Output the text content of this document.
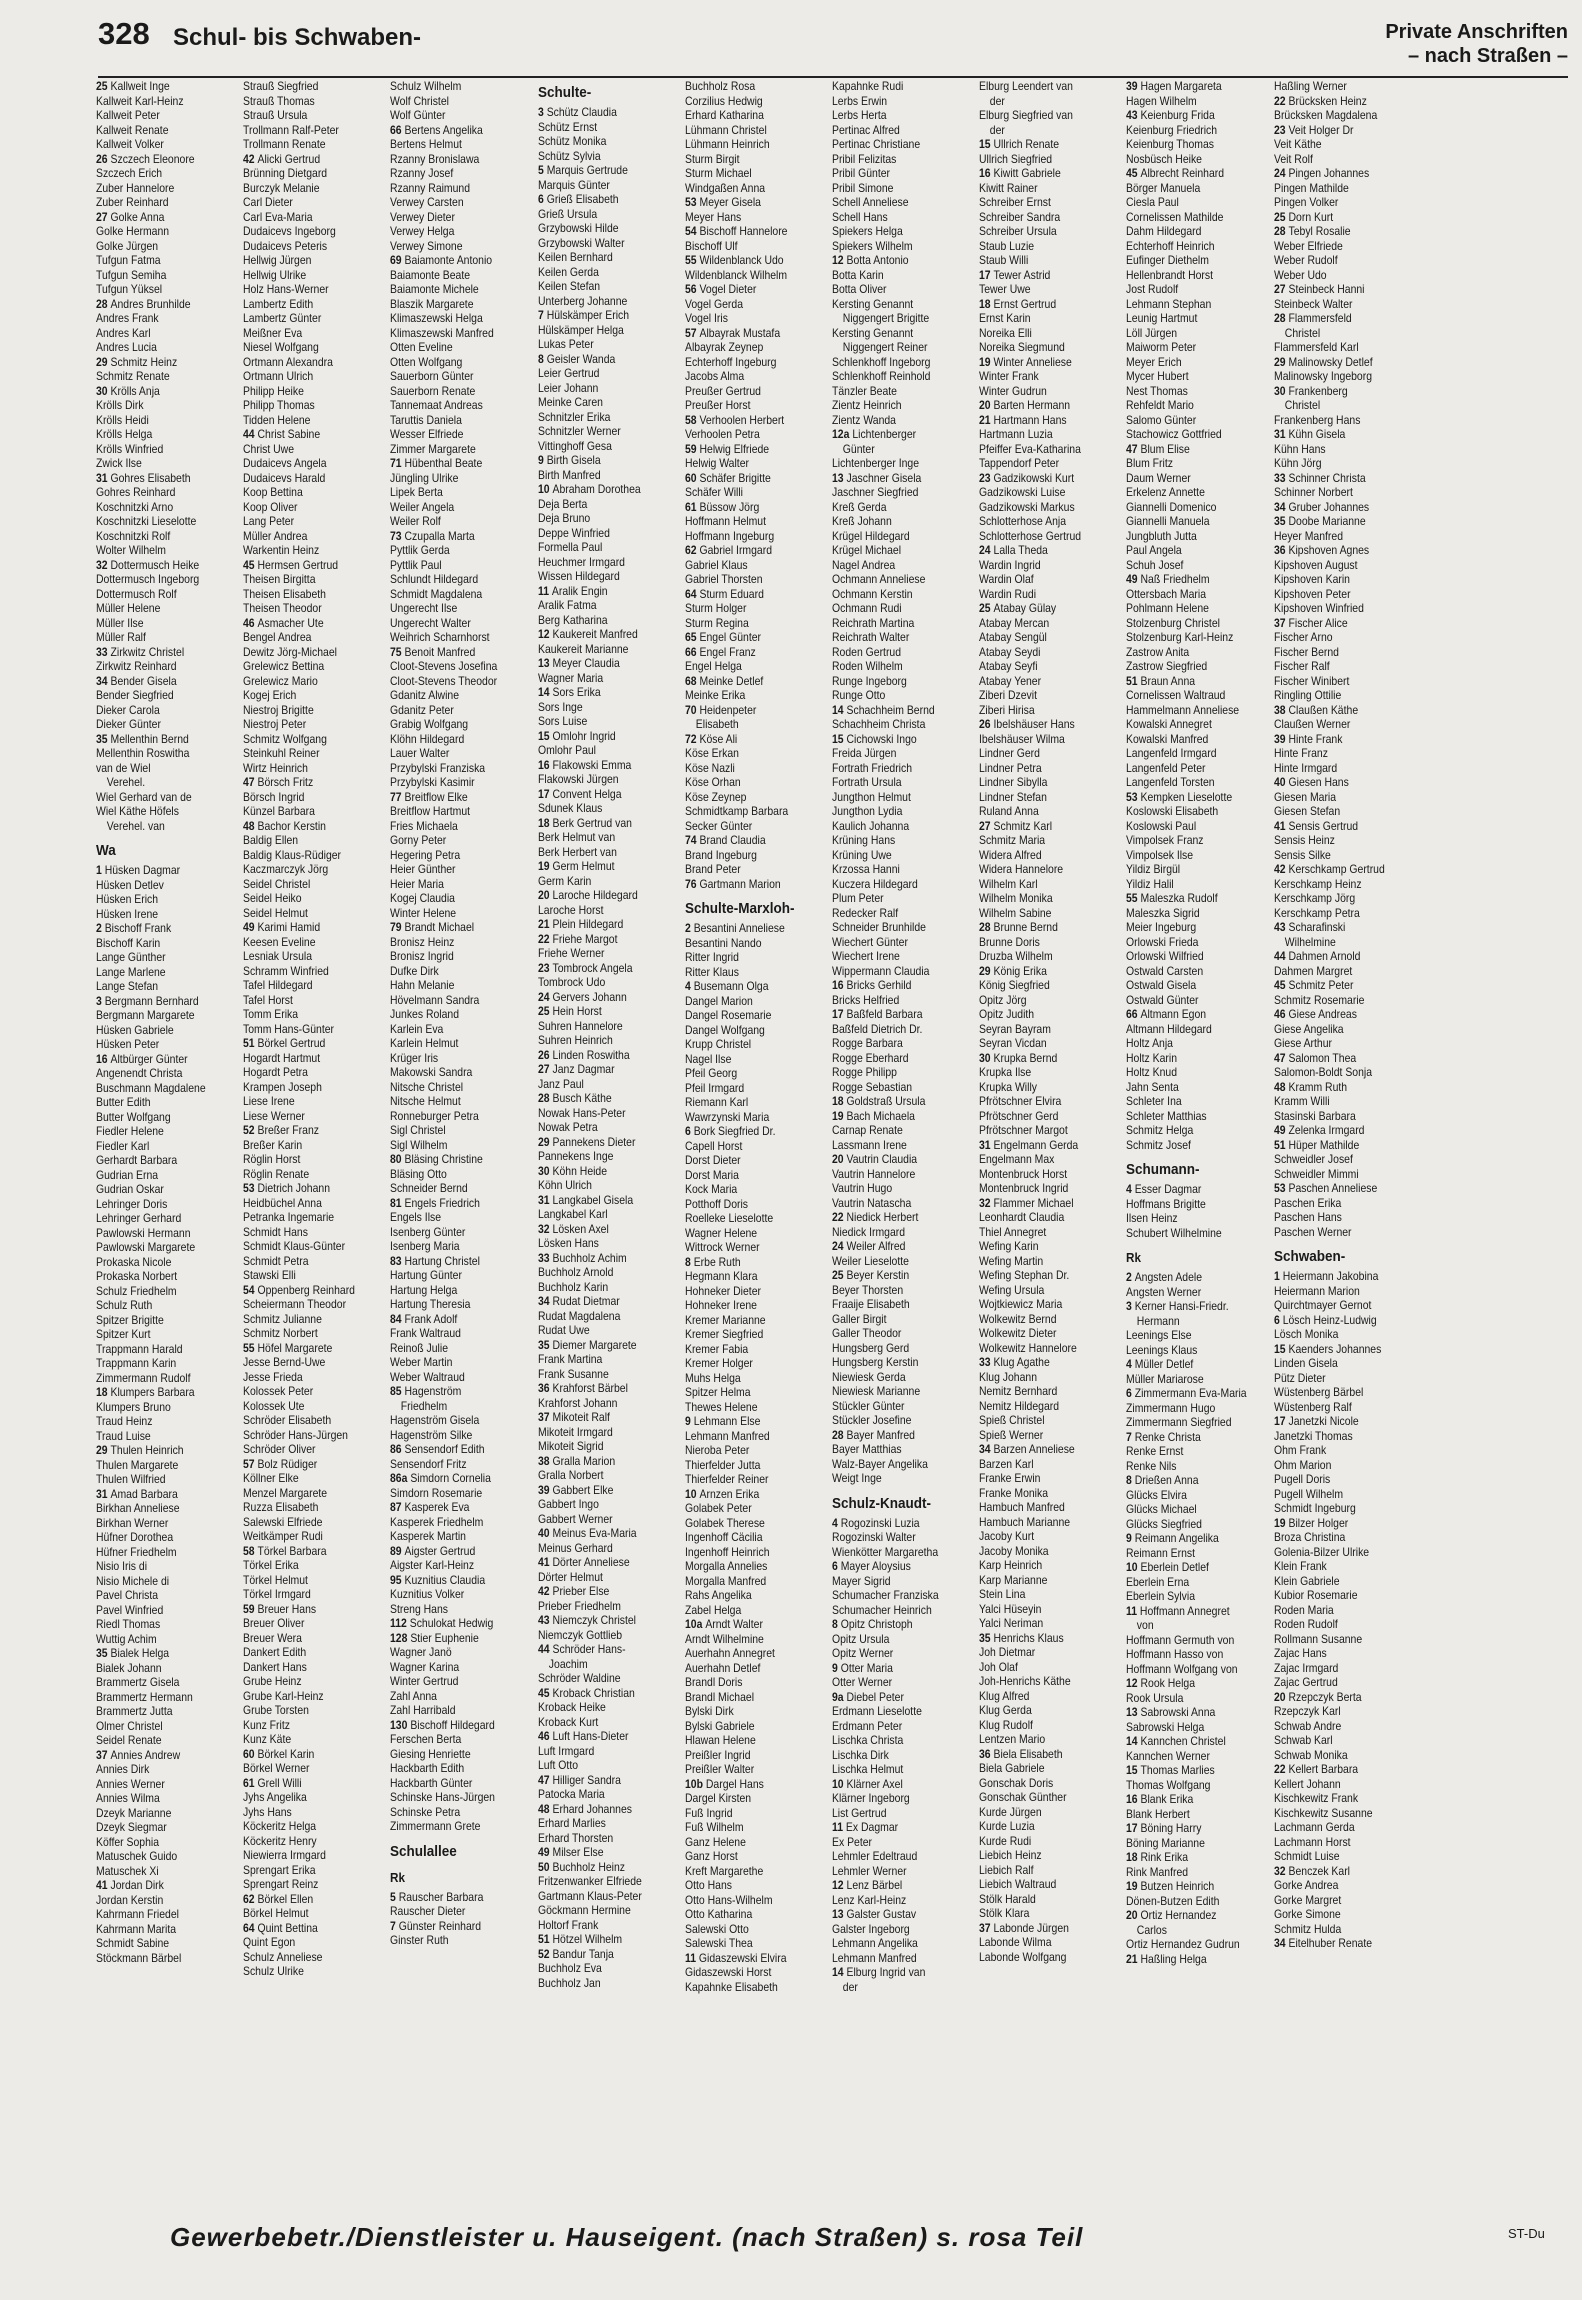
328 Schul- bis Schwaben-	Private Anschriften
– nach Straßen –
25 Kallweit Inge
Kallweit Karl-Heinz
Kallweit Peter
Kallweit Renate
Kallweit Volker
26 Szczech Eleonore
Szczech Erich
Zuber Hannelore
Zuber Reinhard
27 Golke Anna
Golke Hermann
Golke Jürgen
Tufgun Fatma
Tufgun Semiha
Tufgun Yüksel
28 Andres Brunhilde
Andres Frank
Andres Karl
Andres Lucia
29 Schmitz Heinz
Schmitz Renate
30 Krölls Anja
Krölls Dirk
Krölls Heidi
Krölls Helga
Krölls Winfried
Zwick Ilse
31 Gohres Elisabeth
Gohres Reinhard
Koschnitzki Arno
Koschnitzki Lieselotte
Koschnitzki Rolf
Wolter Wilhelm
32 Dottermusch Heike
Dottermusch Ingeborg
Dottermusch Rolf
Müller Helene
Müller Ilse
Müller Ralf
33 Zirkwitz Christel
Zirkwitz Reinhard
34 Bender Gisela
Bender Siegfried
Dieker Carola
Dieker Günter
35 Mellenthin Bernd
Mellenthin Roswitha
van de Wiel
Verehel.
Wiel Gerhard van de
Wiel Käthe Höfels
Verehel. van
Wa
1 Hüsken Dagmar
Hüsken Detlev
Hüsken Erich
Hüsken Irene
2 Bischoff Frank
Bischoff Karin
Lange Günther
Lange Marlene
Lange Stefan
3 Bergmann Bernhard
Bergmann Margarete
Hüsken Gabriele
Hüsken Peter
16 Altbürger Günter
Angenendt Christa
Buschmann Magdalene
Butter Edith
Butter Wolfgang
Fiedler Helene
Fiedler Karl
Gerhardt Barbara
Gudrian Erna
Gudrian Oskar
Lehringer Doris
Lehringer Gerhard
Pawlowski Hermann
Pawlowski Margarete
Prokaska Nicole
Prokaska Norbert
Schulz Friedhelm
Schulz Ruth
Spitzer Brigitte
Spitzer Kurt
Trappmann Harald
Trappmann Karin
Zimmermann Rudolf
18 Klumpers Barbara
Klumpers Bruno
Traud Heinz
Traud Luise
29 Thulen Heinrich
Thulen Margarete
Thulen Wilfried
31 Amad Barbara
Birkhan Anneliese
Birkhan Werner
Hüfner Dorothea
Hüfner Friedhelm
Nisio Iris di
Nisio Michele di
Pavel Christa
Pavel Winfried
Riedl Thomas
Wuttig Achim
35 Bialek Helga
Bialek Johann
Brammertz Gisela
Brammertz Hermann
Brammertz Jutta
Olmer Christel
Seidel Renate
37 Annies Andrew
Annies Dirk
Annies Werner
Annies Wilma
Dzeyk Marianne
Dzeyk Siegmar
Köffer Sophia
Matuschek Guido
Matuschek Xi
41 Jordan Dirk
Jordan Kerstin
Kahrmann Friedel
Kahrmann Marita
Schmidt Sabine
Stöckmann Bärbel
Strauß Siegfried
Strauß Thomas
Strauß Ursula
Trollmann Ralf-Peter
Trollmann Renate
42 Alicki Gertrud
Brünning Dietgard
Burczyk Melanie
Carl Dieter
Carl Eva-Maria
Dudaicevs Ingeborg
Dudaicevs Peteris
Hellwig Jürgen
Hellwig Ulrike
Holz Hans-Werner
Lambertz Edith
Lambertz Günter
Meißner Eva
Niesel Wolfgang
Ortmann Alexandra
Ortmann Ulrich
Philipp Heike
Philipp Thomas
Tidden Helene
44 Christ Sabine
Christ Uwe
Dudaicevs Angela
Dudaicevs Harald
Koop Bettina
Koop Oliver
Lang Peter
Müller Andrea
Warkentin Heinz
45 Hermsen Gertrud
Theisen Birgitta
Theisen Elisabeth
Theisen Theodor
46 Asmacher Ute
Bengel Andrea
Dewitz Jörg-Michael
Grelewicz Bettina
Grelewicz Mario
Kogej Erich
Niestroj Brigitte
Niestroj Peter
Schmitz Wolfgang
Steinkuhl Reiner
Wirtz Heinrich
47 Börsch Fritz
Börsch Ingrid
Künzel Barbara
48 Bachor Kerstin
Baldig Ellen
Baldig Klaus-Rüdiger
Kaczmarczyk Jörg
Seidel Christel
Seidel Heiko
Seidel Helmut
49 Karimi Hamid
Keesen Eveline
Lesniak Ursula
Schramm Winfried
Tafel Hildegard
Tafel Horst
Tomm Erika
Tomm Hans-Günter
51 Börkel Gertrud
Hogardt Hartmut
Hogardt Petra
Krampen Joseph
Liese Irene
Liese Werner
52 Breßer Franz
Breßer Karin
Röglin Horst
Röglin Renate
53 Dietrich Johann
Heidbüchel Anna
Petranka Ingemarie
Schmidt Hans
Schmidt Klaus-Günter
Schmidt Petra
Stawski Elli
54 Oppenberg Reinhard
Scheiermann Theodor
Schmitz Julianne
Schmitz Norbert
55 Höfel Margarete
Jesse Bernd-Uwe
Jesse Frieda
Kolossek Peter
Kolossek Ute
Schröder Elisabeth
Schröder Hans-Jürgen
Schröder Oliver
57 Bolz Rüdiger
Köllner Elke
Menzel Margarete
Ruzza Elisabeth
Salewski Elfriede
Weitkämper Rudi
58 Törkel Barbara
Törkel Erika
Törkel Helmut
Törkel Irmgard
59 Breuer Hans
Breuer Oliver
Breuer Wera
Dankert Edith
Dankert Hans
Grube Heinz
Grube Karl-Heinz
Grube Torsten
Kunz Fritz
Kunz Käte
60 Börkel Karin
Börkel Werner
61 Grell Willi
Jyhs Angelika
Jyhs Hans
Köckeritz Helga
Köckeritz Henry
Niewierra Irmgard
Sprengart Erika
Sprengart Reinz
62 Börkel Ellen
Börkel Helmut
64 Quint Bettina
Quint Egon
Schulz Anneliese
Schulz Ulrike
Schulz Wilhelm
Wolf Christel
Wolf Günter
66 Bertens Angelika
Bertens Helmut
Rzanny Bronislawa
Rzanny Josef
Rzanny Raimund
Verwey Carsten
Verwey Dieter
Verwey Helga
Verwey Simone
69 Baiamonte Antonio
Baiamonte Beate
Baiamonte Michele
Blaszik Margarete
Klimaszewski Helga
Klimaszewski Manfred
Otten Eveline
Otten Wolfgang
Sauerborn Günter
Sauerborn Renate
Tannemaat Andreas
Taruttis Daniela
Wesser Elfriede
Zimmer Margarete
71 Hübenthal Beate
Jüngling Ulrike
Lipek Berta
Weiler Angela
Weiler Rolf
73 Czupalla Marta
Pyttlik Gerda
Pyttlik Paul
Schlundt Hildegard
Schmidt Magdalena
Ungerecht Ilse
Ungerecht Walter
Weihrich Scharnhorst
75 Benoit Manfred
Cloot-Stevens Josefina
Cloot-Stevens Theodor
Gdanitz Alwine
Gdanitz Peter
Grabig Wolfgang
Klöhn Hildegard
Lauer Walter
Przybylski Franziska
Przybylski Kasimir
77 Breitflow Elke
Breitflow Hartmut
Fries Michaela
Gorny Peter
Hegering Petra
Heier Günther
Heier Maria
Kogej Claudia
Winter Helene
79 Brandt Michael
Bronisz Heinz
Bronisz Ingrid
Dufke Dirk
Hahn Melanie
Hövelmann Sandra
Junkes Roland
Karlein Eva
Karlein Helmut
Krüger Iris
Makowski Sandra
Nitsche Christel
Nitsche Helmut
Ronneburger Petra
Sigl Christel
Sigl Wilhelm
80 Bläsing Christine
Bläsing Otto
Schneider Bernd
81 Engels Friedrich
Engels Ilse
Isenberg Günter
Isenberg Maria
83 Hartung Christel
Hartung Günter
Hartung Helga
Hartung Theresia
84 Frank Adolf
Frank Waltraud
Reinoß Julie
Weber Martin
Weber Waltraud
85 Hagenström
Friedhelm
Hagenström Gisela
Hagenström Silke
86 Sensendorf Edith
Sensendorf Fritz
86a Simdorn Cornelia
Simdorn Rosemarie
87 Kasperek Eva
Kasperek Friedhelm
Kasperek Martin
89 Aigster Gertrud
Aigster Karl-Heinz
95 Kuznitius Claudia
Kuznitius Volker
Streng Hans
112 Schulokat Hedwig
128 Stier Euphenie
Wagner Janö
Wagner Karina
Winter Gertrud
Zahl Anna
Zahl Harribald
130 Bischoff Hildegard
Ferschen Berta
Giesing Henriette
Hackbarth Edith
Hackbarth Günter
Schinske Hans-Jürgen
Schinske Petra
Zimmermann Grete
Schulallee
Rk
5 Rauscher Barbara
Rauscher Dieter
7 Günster Reinhard
Ginster Ruth
Schulte-
3 Schütz Claudia
Schütz Ernst
Schütz Monika
Schütz Sylvia
5 Marquis Gertrude
Marquis Günter
6 Grieß Elisabeth
Grieß Ursula
Grzybowski Hilde
Grzybowski Walter
Keilen Bernhard
Keilen Gerda
Keilen Stefan
Unterberg Johanne
7 Hülskämper Erich
Hülskämper Helga
Lukas Peter
8 Geisler Wanda
Leier Gertrud
Leier Johann
Meinke Caren
Schnitzler Erika
Schnitzler Werner
Vittinghoff Gesa
9 Birth Gisela
Birth Manfred
10 Abraham Dorothea
Deja Berta
Deja Bruno
Deppe Winfried
Formella Paul
Heuchmer Irmgard
Wissen Hildegard
11 Aralik Engin
Aralik Fatma
Berg Katharina
12 Kaukereit Manfred
Kaukereit Marianne
13 Meyer Claudia
Wagner Maria
14 Sors Erika
Sors Inge
Sors Luise
15 Omlohr Ingrid
Omlohr Paul
16 Flakowski Emma
Flakowski Jürgen
17 Convent Helga
Sdunek Klaus
18 Berk Gertrud van
Berk Helmut van
Berk Herbert van
19 Germ Helmut
Germ Karin
20 Laroche Hildegard
Laroche Horst
21 Plein Hildegard
22 Friehe Margot
Friehe Werner
23 Tombrock Angela
Tombrock Udo
24 Gervers Johann
25 Hein Horst
Suhren Hannelore
Suhren Heinrich
26 Linden Roswitha
27 Janz Dagmar
Janz Paul
28 Busch Käthe
Nowak Hans-Peter
Nowak Petra
29 Pannekens Dieter
Pannekens Inge
30 Köhn Heide
Köhn Ulrich
31 Langkabel Gisela
Langkabel Karl
32 Lösken Axel
Lösken Hans
33 Buchholz Achim
Buchholz Arnold
Buchholz Karin
34 Rudat Dietmar
Rudat Magdalena
Rudat Uwe
35 Diemer Margarete
Frank Martina
Frank Susanne
36 Krahforst Bärbel
Krahforst Johann
37 Mikoteit Ralf
Mikoteit Irmgard
Mikoteit Sigrid
38 Gralla Marion
Gralla Norbert
39 Gabbert Elke
Gabbert Ingo
Gabbert Werner
40 Meinus Eva-Maria
Meinus Gerhard
41 Dörter Anneliese
Dörter Helmut
42 Prieber Else
Prieber Friedhelm
43 Niemczyk Christel
Niemczyk Gottlieb
44 Schröder Hans-
Joachim
Schröder Waldine
45 Kroback Christian
Kroback Heike
Kroback Kurt
46 Luft Hans-Dieter
Luft Irmgard
Luft Otto
47 Hilliger Sandra
Patocka Maria
48 Erhard Johannes
Erhard Marlies
Erhard Thorsten
49 Milser Else
50 Buchholz Heinz
Fritzenwanker Elfriede
Gartmann Klaus-Peter
Göckmann Hermine
Holtorf Frank
51 Hötzel Wilhelm
52 Bandur Tanja
Buchholz Eva
Buchholz Jan
Buchholz Rosa
Corzilius Hedwig
Erhard Katharina
Lühmann Christel
Lühmann Heinrich
Sturm Birgit
Sturm Michael
Windgaßen Anna
53 Meyer Gisela
Meyer Hans
54 Bischoff Hannelore
Bischoff Ulf
55 Wildenblanck Udo
Wildenblanck Wilhelm
56 Vogel Dieter
Vogel Gerda
Vogel Iris
57 Albayrak Mustafa
Albayrak Zeynep
Echterhoff Ingeburg
Jacobs Alma
Preußer Gertrud
Preußer Horst
58 Verhoolen Herbert
Verhoolen Petra
59 Helwig Elfriede
Helwig Walter
60 Schäfer Brigitte
Schäfer Willi
61 Büssow Jörg
Hoffmann Helmut
Hoffmann Ingeburg
62 Gabriel Irmgard
Gabriel Klaus
Gabriel Thorsten
64 Sturm Eduard
Sturm Holger
Sturm Regina
65 Engel Günter
66 Engel Franz
Engel Helga
68 Meinke Detlef
Meinke Erika
70 Heidenpeter
Elisabeth
72 Köse Ali
Köse Erkan
Köse Nazli
Köse Orhan
Köse Zeynep
Schmidtkamp Barbara
Secker Günter
74 Brand Claudia
Brand Ingeburg
Brand Peter
76 Gartmann Marion
Schulte-Marxloh-
2 Besantini Anneliese
Besantini Nando
Ritter Ingrid
Ritter Klaus
4 Busemann Olga
Dangel Marion
Dangel Rosemarie
Dangel Wolfgang
Krupp Christel
Nagel Ilse
Pfeil Georg
Pfeil Irmgard
Riemann Karl
Wawrzynski Maria
6 Bork Siegfried Dr.
Capell Horst
Dorst Dieter
Dorst Maria
Kock Maria
Potthoff Doris
Roelleke Lieselotte
Wagner Helene
Wittrock Werner
8 Erbe Ruth
Hegmann Klara
Hohneker Dieter
Hohneker Irene
Kremer Marianne
Kremer Siegfried
Kremer Fabia
Kremer Holger
Muhs Helga
Spitzer Helma
Thewes Helene
9 Lehmann Else
Lehmann Manfred
Nieroba Peter
Thierfelder Jutta
Thierfelder Reiner
10 Arnzen Erika
Golabek Peter
Golabek Therese
Ingenhoff Cäcilia
Ingenhoff Heinrich
Morgalla Annelies
Morgalla Manfred
Rahs Angelika
Zabel Helga
10a Arndt Walter
Arndt Wilhelmine
Auerhahn Annegret
Auerhahn Detlef
Brandl Doris
Brandl Michael
Bylski Dirk
Bylski Gabriele
Hlawan Helene
Preißler Ingrid
Preißler Walter
10b Dargel Hans
Dargel Kirsten
Fuß Ingrid
Fuß Wilhelm
Ganz Helene
Ganz Horst
Kreft Margarethe
Otto Hans
Otto Hans-Wilhelm
Otto Katharina
Salewski Otto
Salewski Thea
11 Gidaszewski Elvira
Gidaszewski Horst
Kapahnke Elisabeth
Kapahnke Rudi
Lerbs Erwin
Lerbs Herta
Pertinac Alfred
Pertinac Christiane
Pribil Felizitas
Pribil Günter
Pribil Simone
Schell Anneliese
Schell Hans
Spiekers Helga
Spiekers Wilhelm
12 Botta Antonio
Botta Karin
Botta Oliver
Kersting Genannt
Niggengert Brigitte
Kersting Genannt
Niggengert Reiner
Schlenkhoff Ingeborg
Schlenkhoff Reinhold
Tänzler Beate
Zientz Heinrich
Zientz Wanda
12a Lichtenberger
Günter
Lichtenberger Inge
13 Jaschner Gisela
Jaschner Siegfried
Kreß Gerda
Kreß Johann
Krügel Hildegard
Krügel Michael
Nagel Andrea
Ochmann Anneliese
Ochmann Kerstin
Ochmann Rudi
Reichrath Martina
Reichrath Walter
Roden Gertrud
Roden Wilhelm
Runge Ingeborg
Runge Otto
14 Schachheim Bernd
Schachheim Christa
15 Cichowski Ingo
Freida Jürgen
Fortrath Friedrich
Fortrath Ursula
Jungthon Helmut
Jungthon Lydia
Kaulich Johanna
Krüning Hans
Krüning Uwe
Krzossa Hanni
Kuczera Hildegard
Plum Peter
Redecker Ralf
Schneider Brunhilde
Wiechert Günter
Wiechert Irene
Wippermann Claudia
16 Bricks Gerhild
Bricks Helfried
17 Baßfeld Barbara
Baßfeld Dietrich Dr.
Rogge Barbara
Rogge Eberhard
Rogge Philipp
Rogge Sebastian
18 Goldstraß Ursula
19 Bach Michaela
Carnap Renate
Lassmann Irene
20 Vautrin Claudia
Vautrin Hannelore
Vautrin Hugo
Vautrin Natascha
22 Niedick Herbert
Niedick Irmgard
24 Weiler Alfred
Weiler Lieselotte
25 Beyer Kerstin
Beyer Thorsten
Fraaije Elisabeth
Galler Birgit
Galler Theodor
Hungsberg Gerd
Hungsberg Kerstin
Niewiesk Gerda
Niewiesk Marianne
Stückler Günter
Stückler Josefine
28 Bayer Manfred
Bayer Matthias
Walz-Bayer Angelika
Weigt Inge
Schulz-Knaudt-
4 Rogozinski Luzia
Rogozinski Walter
Wienkötter Margaretha
6 Mayer Aloysius
Mayer Sigrid
Schumacher Franziska
Schumacher Heinrich
8 Opitz Christoph
Opitz Ursula
Opitz Werner
9 Otter Maria
Otter Werner
9a Diebel Peter
Erdmann Lieselotte
Erdmann Peter
Lischka Christa
Lischka Dirk
Lischka Helmut
10 Klärner Axel
Klärner Ingeborg
List Gertrud
11 Ex Dagmar
Ex Peter
Lehmler Edeltraud
Lehmler Werner
12 Lenz Bärbel
Lenz Karl-Heinz
13 Galster Gustav
Galster Ingeborg
Lehmann Angelika
Lehmann Manfred
14 Elburg Ingrid van
der
Elburg Leendert van
der
Elburg Siegfried van
der
15 Ullrich Renate
Ullrich Siegfried
16 Kiwitt Gabriele
Kiwitt Rainer
Schreiber Ernst
Schreiber Sandra
Schreiber Ursula
Staub Luzie
Staub Willi
17 Tewer Astrid
Tewer Uwe
18 Ernst Gertrud
Ernst Karin
Noreika Elli
Noreika Siegmund
19 Winter Anneliese
Winter Frank
Winter Gudrun
20 Barten Hermann
21 Hartmann Hans
Hartmann Luzia
Pfeiffer Eva-Katharina
Tappendorf Peter
23 Gadzikowski Kurt
Gadzikowski Luise
Gadzikowski Markus
Schlotterhose Anja
Schlotterhose Gertrud
24 Lalla Theda
Wardin Ingrid
Wardin Olaf
Wardin Rudi
25 Atabay Gülay
Atabay Mercan
Atabay Sengül
Atabay Seydi
Atabay Seyfi
Atabay Yener
Ziberi Dzevit
Ziberi Hirisa
26 Ibelshäuser Hans
Ibelshäuser Wilma
Lindner Gerd
Lindner Petra
Lindner Sibylla
Lindner Stefan
Ruland Anna
27 Schmitz Karl
Schmitz Maria
Widera Alfred
Widera Hannelore
Wilhelm Karl
Wilhelm Monika
Wilhelm Sabine
28 Brunne Bernd
Brunne Doris
Druzba Wilhelm
29 König Erika
König Siegfried
Opitz Jörg
Opitz Judith
Seyran Bayram
Seyran Vicdan
30 Krupka Bernd
Krupka Ilse
Krupka Willy
Pfrötschner Elvira
Pfrötschner Gerd
Pfrötschner Margot
31 Engelmann Gerda
Engelmann Max
Montenbruck Horst
Montenbruck Ingrid
32 Flammer Michael
Leonhardt Claudia
Thiel Annegret
Wefing Karin
Wefing Martin
Wefing Stephan Dr.
Wefing Ursula
Wojtkiewicz Maria
Wolkewitz Bernd
Wolkewitz Dieter
Wolkewitz Hannelore
33 Klug Agathe
Klug Johann
Nemitz Bernhard
Nemitz Hildegard
Spieß Christel
Spieß Werner
34 Barzen Anneliese
Barzen Karl
Franke Erwin
Franke Monika
Hambuch Manfred
Hambuch Marianne
Jacoby Kurt
Jacoby Monika
Karp Heinrich
Karp Marianne
Stein Lina
Yalci Hüseyin
Yalci Neriman
35 Henrichs Klaus
Joh Dietmar
Joh Olaf
Joh-Henrichs Käthe
Klug Alfred
Klug Gerda
Klug Rudolf
Lentzen Mario
36 Biela Elisabeth
Biela Gabriele
Gonschak Doris
Gonschak Günther
Kurde Jürgen
Kurde Luzia
Kurde Rudi
Liebich Heinz
Liebich Ralf
Liebich Waltraud
Stölk Harald
Stölk Klara
37 Labonde Jürgen
Labonde Wilma
Labonde Wolfgang
39 Hagen Margareta
Hagen Wilhelm
43 Keienburg Frida
Keienburg Friedrich
Keienburg Thomas
Nosbüsch Heike
45 Albrecht Reinhard
Börger Manuela
Ciesla Paul
Cornelissen Mathilde
Dahm Hildegard
Echterhoff Heinrich
Eufinger Diethelm
Hellenbrandt Horst
Jost Rudolf
Lehmann Stephan
Leunig Hartmut
Löll Jürgen
Maiworm Peter
Meyer Erich
Mycer Hubert
Nest Thomas
Rehfeldt Mario
Salomo Günter
Stachowicz Gottfried
47 Blum Elise
Blum Fritz
Daum Werner
Erkelenz Annette
Giannelli Domenico
Giannelli Manuela
Jungbluth Jutta
Paul Angela
Schuh Josef
49 Naß Friedhelm
Ottersbach Maria
Pohlmann Helene
Stolzenburg Christel
Stolzenburg Karl-Heinz
Zastrow Anita
Zastrow Siegfried
51 Braun Anna
Cornelissen Waltraud
Hammelmann Anneliese
Kowalski Annegret
Kowalski Manfred
Langenfeld Irmgard
Langenfeld Peter
Langenfeld Torsten
53 Kempken Lieselotte
Koslowski Elisabeth
Koslowski Paul
Vimpolsek Franz
Vimpolsek Ilse
Yildiz Birgül
Yildiz Halil
55 Maleszka Rudolf
Maleszka Sigrid
Meier Ingeburg
Orlowski Frieda
Orlowski Wilfried
Ostwald Carsten
Ostwald Gisela
Ostwald Günter
66 Altmann Egon
Altmann Hildegard
Holtz Anja
Holtz Karin
Holtz Knud
Jahn Senta
Schleter Ina
Schleter Matthias
Schmitz Helga
Schmitz Josef
Schumann-
4 Esser Dagmar
Hoffmans Brigitte
Ilsen Heinz
Schubert Wilhelmine
Rk
2 Angsten Adele
Angsten Werner
3 Kerner Hansi-Friedr.
Hermann
Leenings Else
Leenings Klaus
4 Müller Detlef
Müller Mariarose
6 Zimmermann Eva-Maria
Zimmermann Hugo
Zimmermann Siegfried
7 Renke Christa
Renke Ernst
Renke Nils
8 Drießen Anna
Glücks Elvira
Glücks Michael
Glücks Siegfried
9 Reimann Angelika
Reimann Ernst
10 Eberlein Detlef
Eberlein Erna
Eberlein Sylvia
11 Hoffmann Annegret
von
Hoffmann Germuth von
Hoffmann Hasso von
Hoffmann Wolfgang von
12 Rook Helga
Rook Ursula
13 Sabrowski Anna
Sabrowski Helga
14 Kannchen Christel
Kannchen Werner
15 Thomas Marlies
Thomas Wolfgang
16 Blank Erika
Blank Herbert
17 Böning Harry
Böning Marianne
18 Rink Erika
Rink Manfred
19 Butzen Heinrich
Dönen-Butzen Edith
20 Ortiz Hernandez
Carlos
Ortiz Hernandez Gudrun
21 Haßling Helga
Haßling Werner
22 Brücksken Heinz
Brücksken Magdalena
23 Veit Holger Dr
Veit Käthe
Veit Rolf
24 Pingen Johannes
Pingen Mathilde
Pingen Volker
25 Dorn Kurt
28 Tebyl Rosalie
Weber Elfriede
Weber Rudolf
Weber Udo
27 Steinbeck Hanni
Steinbeck Walter
28 Flammersfeld
Christel
Flammersfeld Karl
29 Malinowsky Detlef
Malinowsky Ingeborg
30 Frankenberg
Christel
Frankenberg Hans
31 Kühn Gisela
Kühn Hans
Kühn Jörg
33 Schinner Christa
Schinner Norbert
34 Gruber Johannes
35 Doobe Marianne
Heyer Manfred
36 Kipshoven Agnes
Kipshoven August
Kipshoven Karin
Kipshoven Peter
Kipshoven Winfried
37 Fischer Alice
Fischer Arno
Fischer Bernd
Fischer Ralf
Fischer Winibert
Ringling Ottilie
38 Claußen Käthe
Claußen Werner
39 Hinte Frank
Hinte Franz
Hinte Irmgard
40 Giesen Hans
Giesen Maria
Giesen Stefan
41 Sensis Gertrud
Sensis Heinz
Sensis Silke
42 Kerschkamp Gertrud
Kerschkamp Heinz
Kerschkamp Jörg
Kerschkamp Petra
43 Scharafinski
Wilhelmine
44 Dahmen Arnold
Dahmen Margret
45 Schmitz Peter
Schmitz Rosemarie
46 Giese Andreas
Giese Angelika
Giese Arthur
47 Salomon Thea
Salomon-Boldt Sonja
48 Kramm Ruth
Kramm Willi
Stasinski Barbara
49 Zelenka Irmgard
51 Hüper Mathilde
Schweidler Josef
Schweidler Mimmi
53 Paschen Anneliese
Paschen Erika
Paschen Hans
Paschen Werner
Schwaben-
1 Heiermann Jakobina
Heiermann Marion
Quirchtmayer Gernot
6 Lösch Heinz-Ludwig
Lösch Monika
15 Kaenders Johannes
Linden Gisela
Pütz Dieter
Wüstenberg Bärbel
Wüstenberg Ralf
17 Janetzki Nicole
Janetzki Thomas
Ohm Frank
Ohm Marion
Pugell Doris
Pugell Wilhelm
Schmidt Ingeburg
19 Bilzer Holger
Broza Christina
Golenia-Bilzer Ulrike
Klein Frank
Klein Gabriele
Kubior Rosemarie
Roden Maria
Roden Rudolf
Rollmann Susanne
Zajac Hans
Zajac Irmgard
Zajac Gertrud
20 Rzepczyk Berta
Rzepczyk Karl
Schwab Andre
Schwab Karl
Schwab Monika
22 Kellert Barbara
Kellert Johann
Kischkewitz Frank
Kischkewitz Susanne
Lachmann Gerda
Lachmann Horst
Schmidt Luise
32 Benczek Karl
Gorke Andrea
Gorke Margret
Gorke Simone
Schmitz Hulda
34 Eitelhuber Renate
Gewerbebetr./Dienstleister u. Hauseigent. (nach Straßen) s. rosa Teil	ST-Du
